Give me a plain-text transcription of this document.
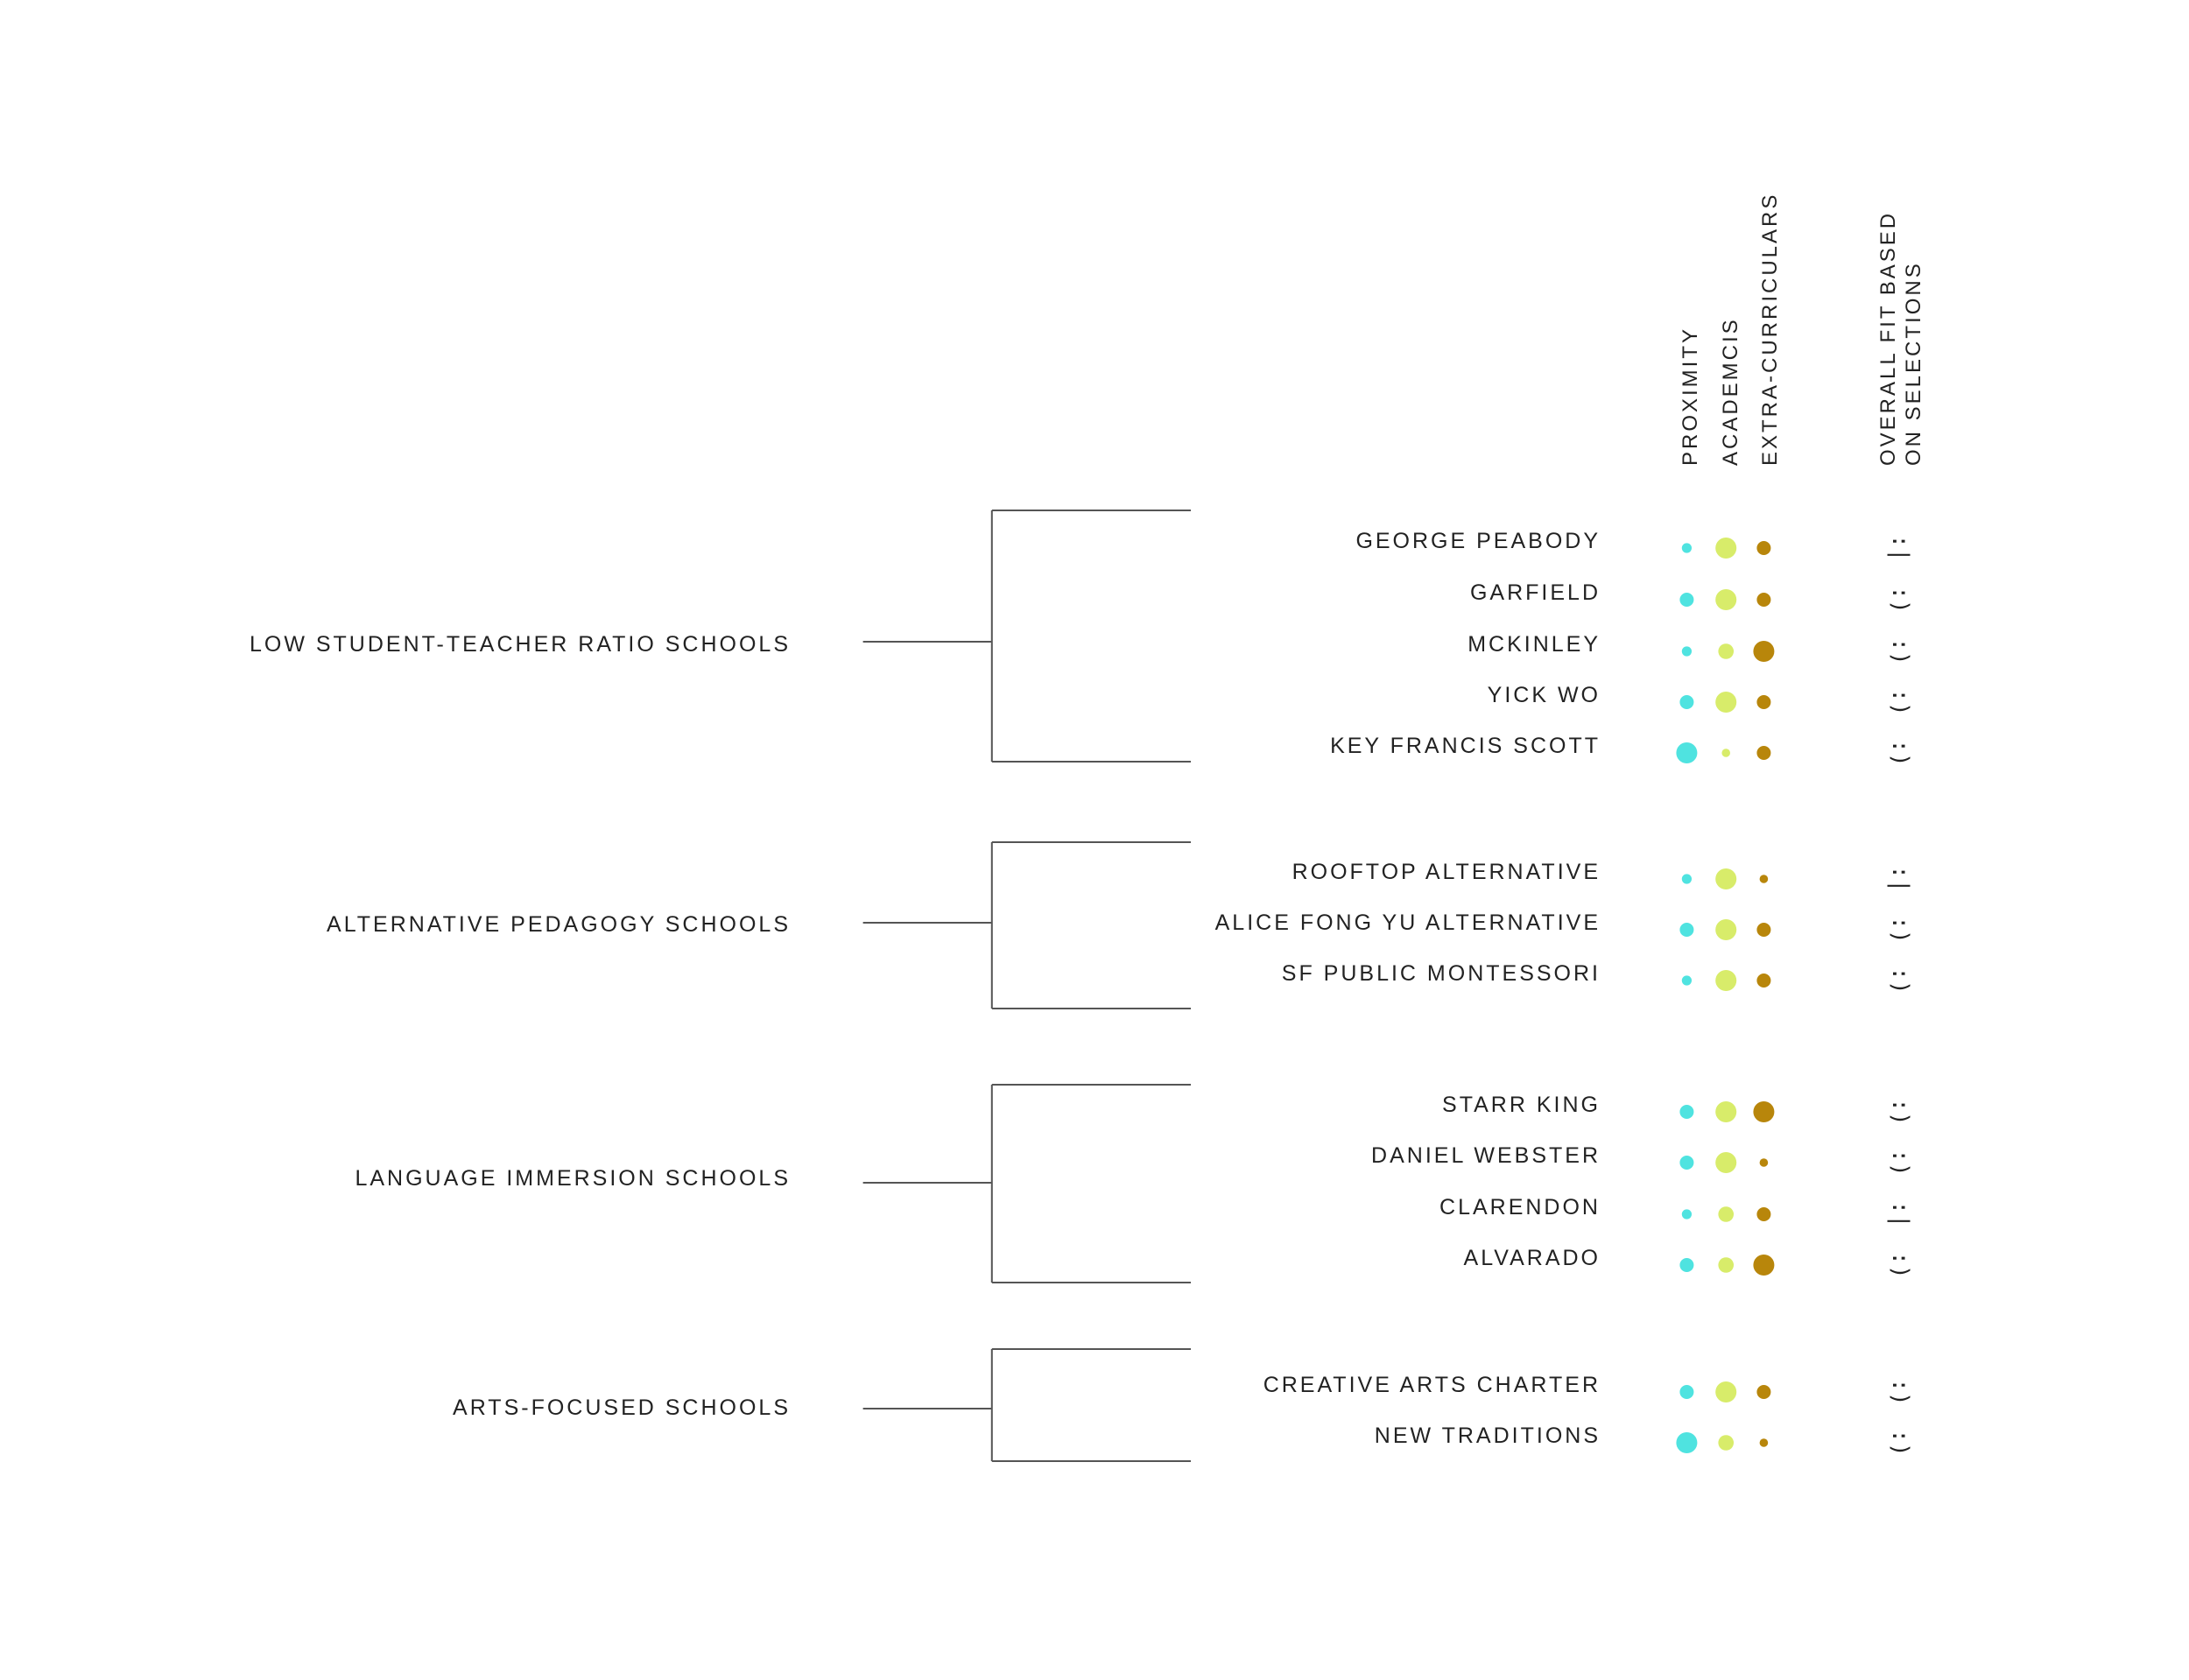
PROXIMITY ACADEMCIS EXTRA-CURRICULARS	OVERALL FIT BASED ON SELECTIONS
LOW STUDENT-TEACHER RATIO SCHOOLS
GEORGE PEABODY	:|
GARFIELD	:)
MCKINLEY	:)
YICK WO	:)
KEY FRANCIS SCOTT	:)
ALTERNATIVE PEDAGOGY SCHOOLS
ROOFTOP ALTERNATIVE	:|
ALICE FONG YU ALTERNATIVE	:)
SF PUBLIC MONTESSORI	:)
LANGUAGE IMMERSION SCHOOLS
STARR KING	:)
DANIEL WEBSTER	:)
CLARENDON	:|
ALVARADO	:)
ARTS-FOCUSED SCHOOLS
CREATIVE ARTS CHARTER	:)
NEW TRADITIONS	:)
